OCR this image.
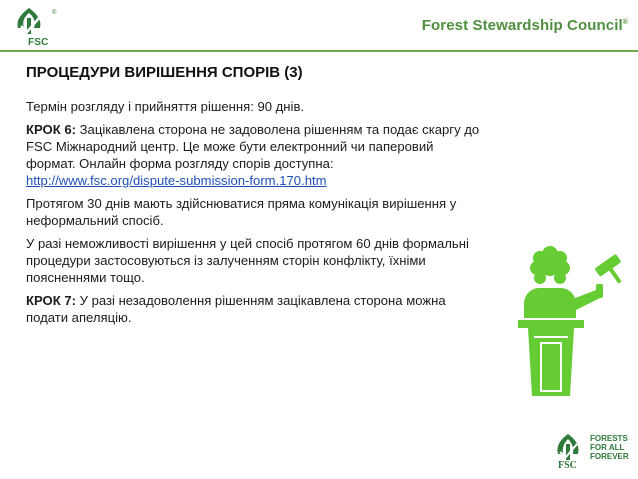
®
FSC
Forest Stewardship Council®
ПРОЦЕДУРИ ВИРІШЕННЯ СПОРІВ (3)

Термін розгляду і прийняття рішення: 90 днів.

КРОК 6: Зацікавлена сторона не задоволена рішенням та подає скаргу до FSC Міжнародний центр. Це може бути електронний чи паперовий формат. Онлайн форма розгляду спорів доступна: http://www.fsc.org/dispute-submission-form.170.htm

Протягом 30 днів мають здійснюватися пряма комунікація вирішення у неформальний спосіб.

У разі неможливості вирішення у цей спосіб протягом 60 днів формальні процедури застосовуються із залученням сторін конфлікту, їхніми поясненнями тощо.

КРОК 7: У разі незадоволення рішенням зацікавлена сторона можна подати апеляцію.

FSC
FORESTS
FOR ALL
FOREVER
